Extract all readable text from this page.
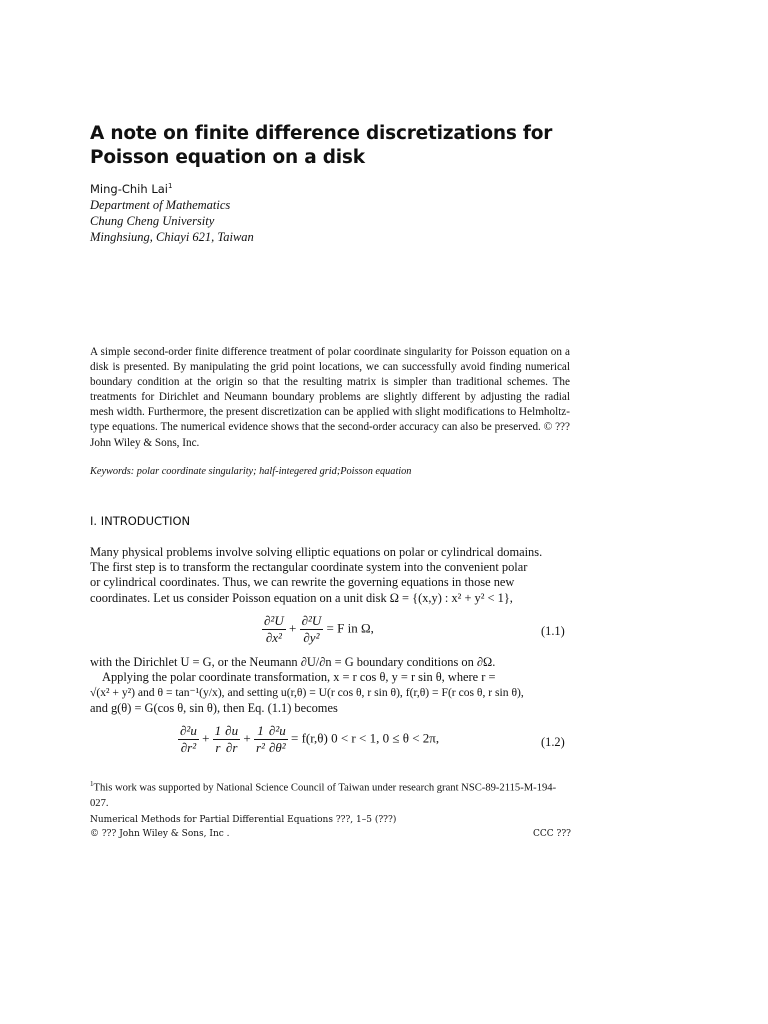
A note on finite difference discretizations for Poisson equation on a disk
Ming-Chih Lai$^1$
Department of Mathematics
Chung Cheng University
Minghsiung, Chiayi 621, Taiwan
A simple second-order finite difference treatment of polar coordinate singularity for Poisson equation on a disk is presented. By manipulating the grid point locations, we can successfully avoid finding numerical boundary condition at the origin so that the resulting matrix is simpler than traditional schemes. The treatments for Dirichlet and Neumann boundary problems are slightly different by adjusting the radial mesh width. Furthermore, the present discretization can be applied with slight modifications to Helmholtz-type equations. The numerical evidence shows that the second-order accuracy can also be preserved. © ??? John Wiley & Sons, Inc.
Keywords: polar coordinate singularity; half-integered grid;Poisson equation
I. INTRODUCTION
Many physical problems involve solving elliptic equations on polar or cylindrical domains.
The first step is to transform the rectangular coordinate system into the convenient polar
or cylindrical coordinates. Thus, we can rewrite the governing equations in those new
coordinates. Let us consider Poisson equation on a unit disk Ω = {(x,y) : x² + y² < 1},
$\frac{\text{∂²U}}{\text{∂x²}} + \frac{\text{∂²U}}{\text{∂y²}} = F$ in Ω,	(1.1)
with the Dirichlet U = G, or the Neumann ∂U/∂n = G boundary conditions on ∂Ω.
Applying the polar coordinate transformation, x = r cos θ, y = r sin θ, where r =
√(x² + y²) and θ = tan⁻¹(y/x), and setting u(r,θ) = U(r cos θ, r sin θ), f(r,θ) = F(r cos θ, r sin θ),
and g(θ) = G(cos θ, sin θ), then Eq. (1.1) becomes
$\frac{\text{∂²u}}{\text{∂r²}} + \frac{1}{r} \frac{\partial u}{\partial r} + \frac{1}{\text{r²}} \frac{\text{∂²u}}{\text{∂θ²}} = f(r,\theta) 0 < r < 1$, 0 ≤ θ < 2π,	(1.2)
$^1$This work was supported by National Science Council of Taiwan under research grant NSC-89-2115-M-194-027.
Numerical Methods for Partial Differential Equations ???, 1–5 (???)
© ??? John Wiley & Sons, Inc .	CCC ???
